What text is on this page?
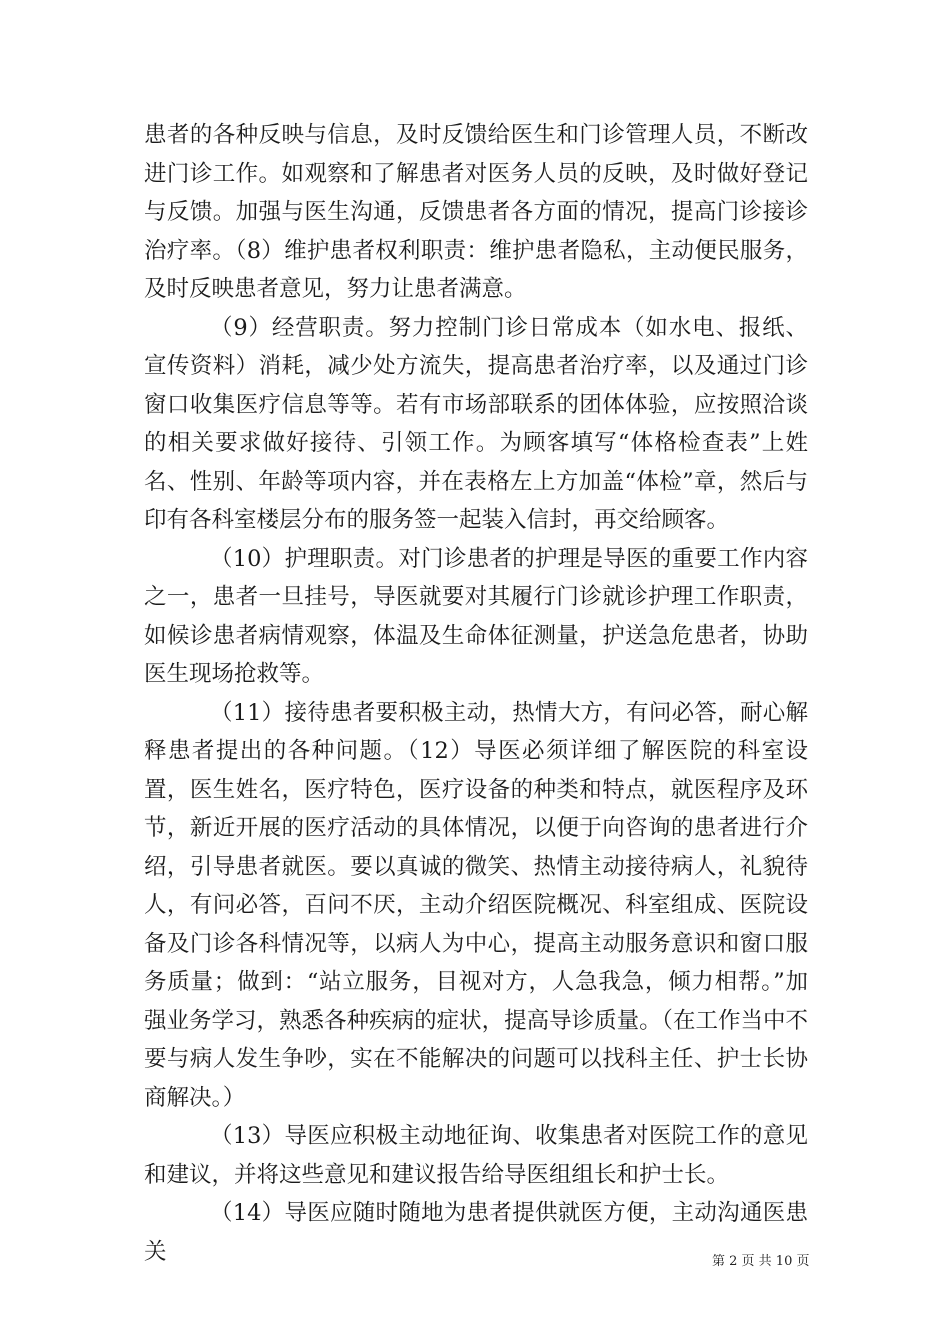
患者的各种反映与信息，及时反馈给医生和门诊管理人员，不断改进门诊工作。如观察和了解患者对医务人员的反映，及时做好登记与反馈。加强与医生沟通，反馈患者各方面的情况，提高门诊接诊治疗率。（8）维护患者权利职责：维护患者隐私，主动便民服务，及时反映患者意见，努力让患者满意。

（9）经营职责。努力控制门诊日常成本（如水电、报纸、宣传资料）消耗，减少处方流失，提高患者治疗率，以及通过门诊窗口收集医疗信息等等。若有市场部联系的团体体验，应按照洽谈的相关要求做好接待、引领工作。为顾客填写“体格检查表”上姓名、性别、年龄等项内容，并在表格左上方加盖“体检”章，然后与印有各科室楼层分布的服务签一起装入信封，再交给顾客。

（10）护理职责。对门诊患者的护理是导医的重要工作内容之一，患者一旦挂号，导医就要对其履行门诊就诊护理工作职责，如候诊患者病情观察，体温及生命体征测量，护送急危患者，协助医生现场抢救等。

（11）接待患者要积极主动，热情大方，有问必答，耐心解释患者提出的各种问题。（12）导医必须详细了解医院的科室设置，医生姓名，医疗特色，医疗设备的种类和特点，就医程序及环节，新近开展的医疗活动的具体情况，以便于向咨询的患者进行介绍，引导患者就医。要以真诚的微笑、热情主动接待病人，礼貌待人，有问必答，百问不厌，主动介绍医院概况、科室组成、医院设备及门诊各科情况等，以病人为中心，提高主动服务意识和窗口服务质量；做到：“站立服务，目视对方，人急我急，倾力相帮。”加强业务学习，熟悉各种疾病的症状，提高导诊质量。（在工作当中不要与病人发生争吵，实在不能解决的问题可以找科主任、护士长协商解决。）

（13）导医应积极主动地征询、收集患者对医院工作的意见和建议，并将这些意见和建议报告给导医组组长和护士长。

（14）导医应随时随地为患者提供就医方便，主动沟通医患关	第 2 页 共 10 页
